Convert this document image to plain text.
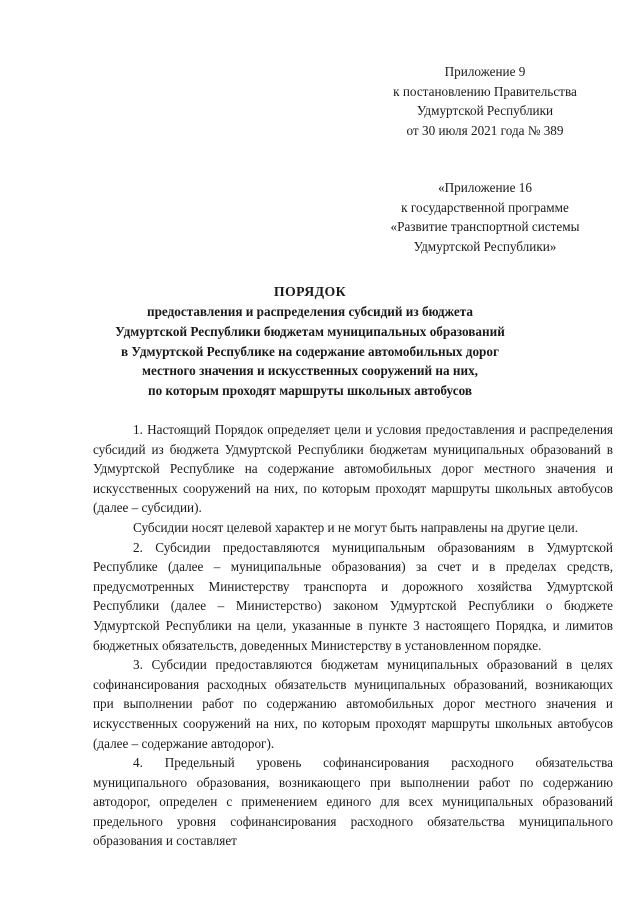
Приложение 9
к постановлению Правительства
Удмуртской Республики
от 30 июля 2021 года № 389
«Приложение 16
к государственной программе
«Развитие транспортной системы
Удмуртской Республики»
ПОРЯДОК
предоставления и распределения субсидий из бюджета
Удмуртской Республики бюджетам муниципальных образований
в Удмуртской Республике на содержание автомобильных дорог
местного значения и искусственных сооружений на них,
по которым проходят маршруты школьных автобусов

1. Настоящий Порядок определяет цели и условия предоставления и распределения субсидий из бюджета Удмуртской Республики бюджетам муниципальных образований в Удмуртской Республике на содержание автомобильных дорог местного значения и искусственных сооружений на них, по которым проходят маршруты школьных автобусов (далее – субсидии).

Субсидии носят целевой характер и не могут быть направлены на другие цели.

2. Субсидии предоставляются муниципальным образованиям в Удмуртской Республике (далее – муниципальные образования) за счет и в пределах средств, предусмотренных Министерству транспорта и дорожного хозяйства Удмуртской Республики (далее – Министерство) законом Удмуртской Республики о бюджете Удмуртской Республики на цели, указанные в пункте 3 настоящего Порядка, и лимитов бюджетных обязательств, доведенных Министерству в установленном порядке.

3. Субсидии предоставляются бюджетам муниципальных образований в целях софинансирования расходных обязательств муниципальных образований, возникающих при выполнении работ по содержанию автомобильных дорог местного значения и искусственных сооружений на них, по которым проходят маршруты школьных автобусов (далее – содержание автодорог).

4. Предельный уровень софинансирования расходного обязательства муниципального образования, возникающего при выполнении работ по содержанию автодорог, определен с применением единого для всех муниципальных образований предельного уровня софинансирования расходного обязательства муниципального образования и составляет
